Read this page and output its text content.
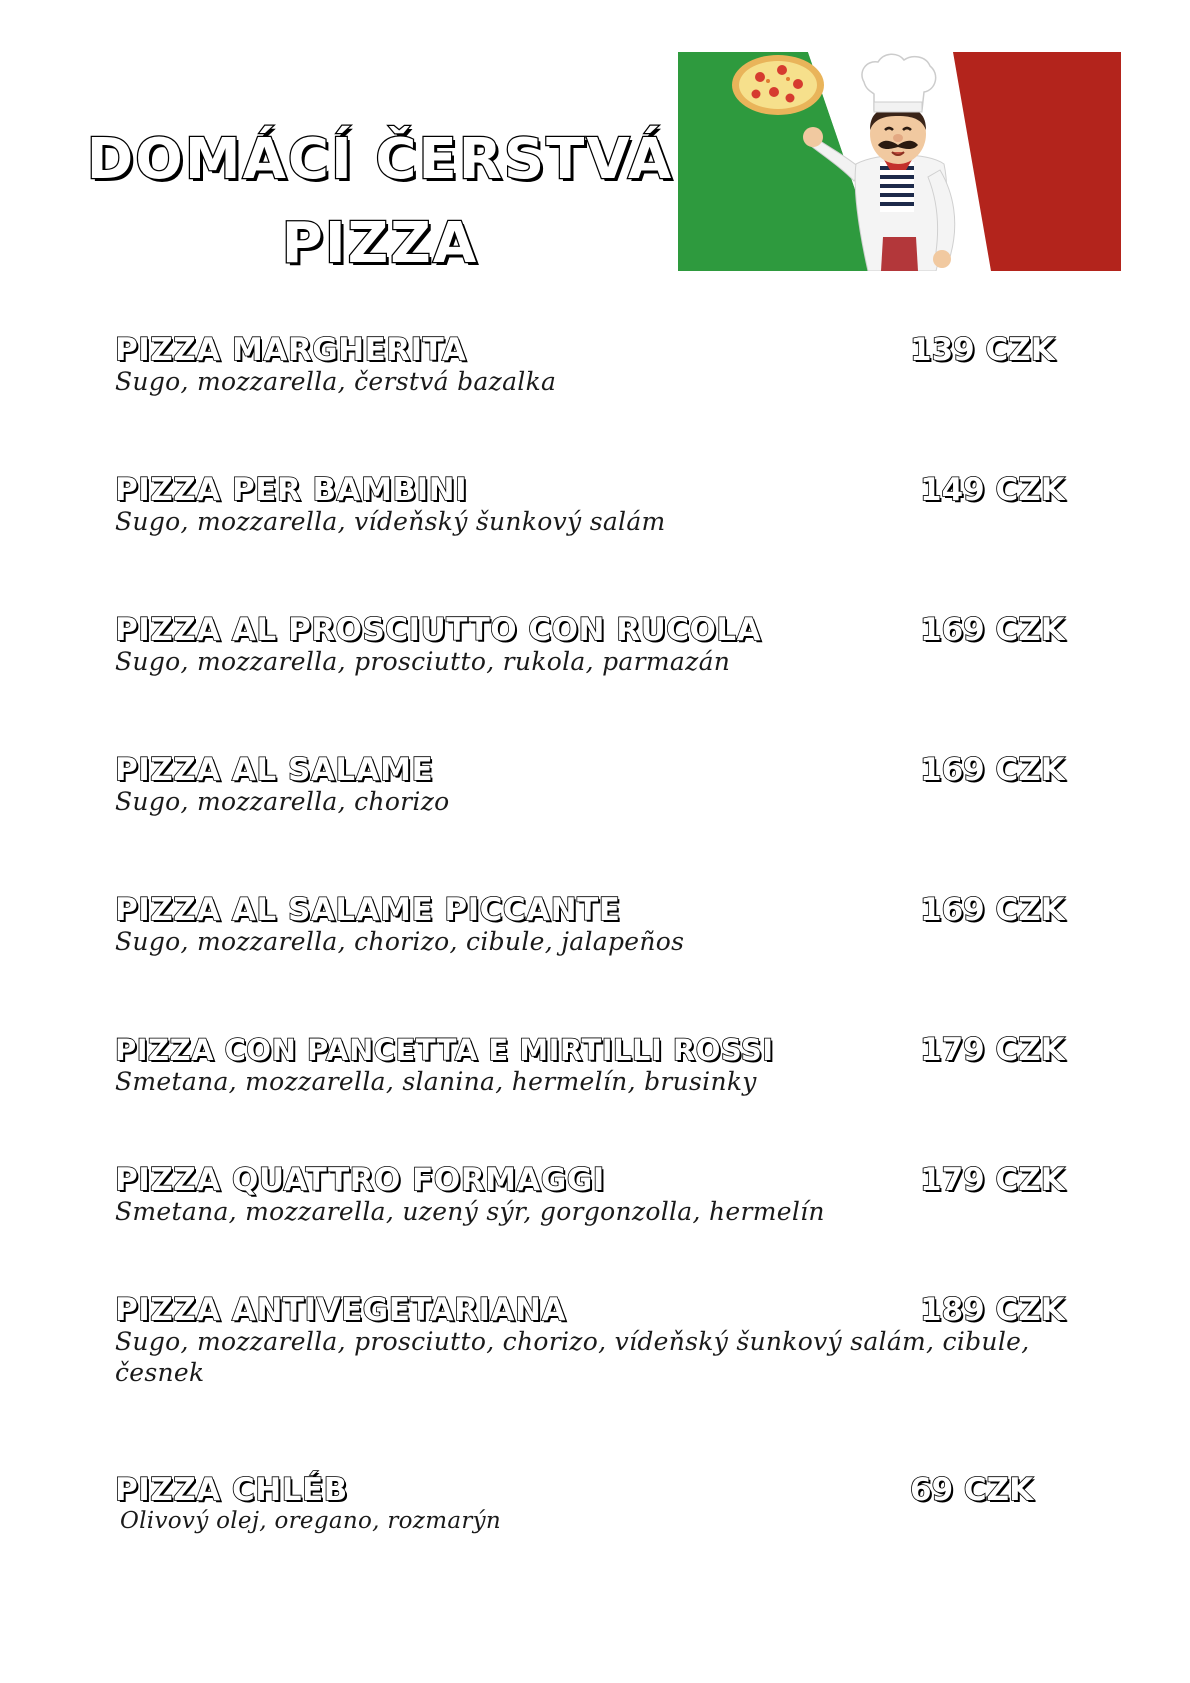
DOMÁCÍ ČERSTVÁ
PIZZA
PIZZA MARGHERITA	139 CZK
Sugo, mozzarella, čerstvá bazalka
PIZZA PER BAMBINI	149 CZK
Sugo, mozzarella, vídeňský šunkový salám
PIZZA AL PROSCIUTTO CON RUCOLA	169 CZK
Sugo, mozzarella, prosciutto, rukola, parmazán
PIZZA AL SALAME	169 CZK
Sugo, mozzarella, chorizo
PIZZA AL SALAME PICCANTE	169 CZK
Sugo, mozzarella, chorizo, cibule, jalapeños
PIZZA CON PANCETTA E MIRTILLI ROSSI	179 CZK
Smetana, mozzarella, slanina, hermelín, brusinky
PIZZA QUATTRO FORMAGGI	179 CZK
Smetana, mozzarella, uzený sýr, gorgonzolla, hermelín
PIZZA ANTIVEGETARIANA	189 CZK
Sugo, mozzarella, prosciutto, chorizo, vídeňský šunkový salám, cibule, česnek
PIZZA CHLÉB	69 CZK
Olivový olej, oregano, rozmarýn
